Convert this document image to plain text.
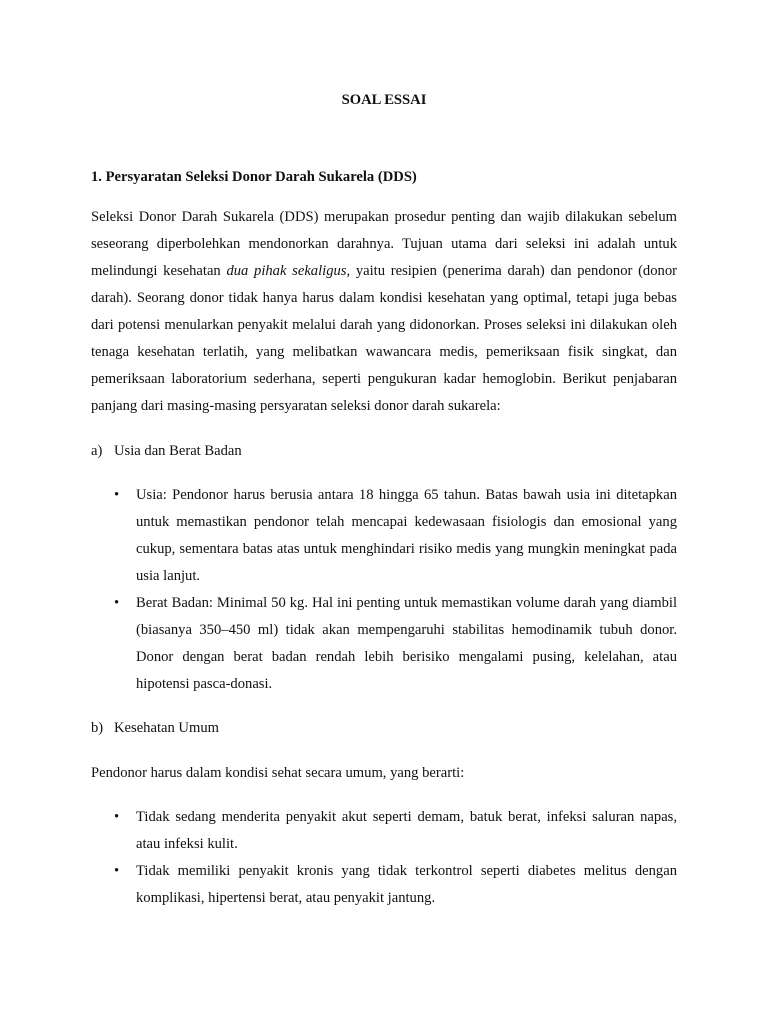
SOAL ESSAI
1. Persyaratan Seleksi Donor Darah Sukarela (DDS)
Seleksi Donor Darah Sukarela (DDS) merupakan prosedur penting dan wajib dilakukan sebelum seseorang diperbolehkan mendonorkan darahnya. Tujuan utama dari seleksi ini adalah untuk melindungi kesehatan dua pihak sekaligus, yaitu resipien (penerima darah) dan pendonor (donor darah). Seorang donor tidak hanya harus dalam kondisi kesehatan yang optimal, tetapi juga bebas dari potensi menularkan penyakit melalui darah yang didonorkan. Proses seleksi ini dilakukan oleh tenaga kesehatan terlatih, yang melibatkan wawancara medis, pemeriksaan fisik singkat, dan pemeriksaan laboratorium sederhana, seperti pengukuran kadar hemoglobin. Berikut penjabaran panjang dari masing-masing persyaratan seleksi donor darah sukarela:
a) Usia dan Berat Badan
• Usia: Pendonor harus berusia antara 18 hingga 65 tahun. Batas bawah usia ini ditetapkan untuk memastikan pendonor telah mencapai kedewasaan fisiologis dan emosional yang cukup, sementara batas atas untuk menghindari risiko medis yang mungkin meningkat pada usia lanjut.
• Berat Badan: Minimal 50 kg. Hal ini penting untuk memastikan volume darah yang diambil (biasanya 350–450 ml) tidak akan mempengaruhi stabilitas hemodinamik tubuh donor. Donor dengan berat badan rendah lebih berisiko mengalami pusing, kelelahan, atau hipotensi pasca-donasi.
b) Kesehatan Umum
Pendonor harus dalam kondisi sehat secara umum, yang berarti:
• Tidak sedang menderita penyakit akut seperti demam, batuk berat, infeksi saluran napas, atau infeksi kulit.
• Tidak memiliki penyakit kronis yang tidak terkontrol seperti diabetes melitus dengan komplikasi, hipertensi berat, atau penyakit jantung.
